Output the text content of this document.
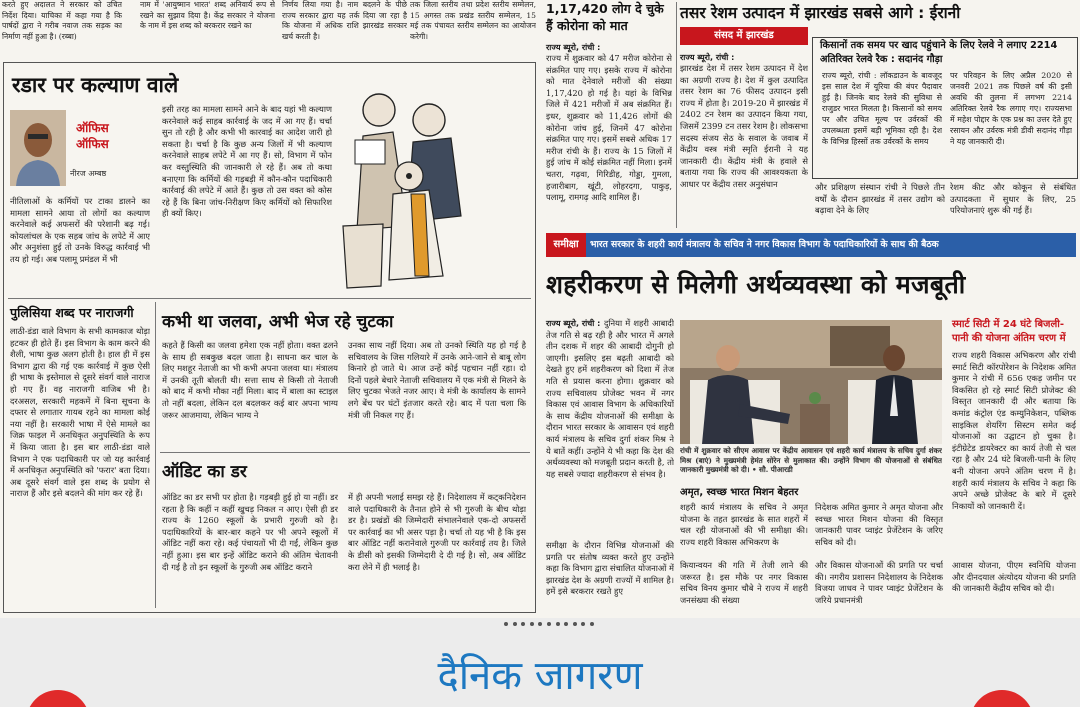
करते हुए अदालत ने सरकार को उचित निर्देश दिया। याचिका में कहा गया है कि पार्षदों द्वारा ने गरीब नवाज तक सड़क का निर्माण नहीं हुआ है। (रब्बा)
नाम में 'आयुष्मान भारत' शब्द अनिवार्य रूप से रखने का सुझाव दिया है। केंद्र सरकार ने योजना के नाम में इस शब्द को बरकरार रखने का
निर्णय लिया गया है। नाम बदलने के पीछे राज्य सरकार द्वारा यह तर्क दिया जा रहा है कि योजना में अधिक राशि झारखंड सरकार खर्च करती है।
तक जिला स्तरीय तथा प्रदेश स्तरीय सम्मेलन, 15 अगस्त तक प्रखंड स्तरीय सम्मेलन, 15 मई तक पंचायत स्तरीय सम्मेलन का आयोजन करेगी।
रडार पर कल्याण वाले
ऑफिस ऑफिस
नीरज अम्बष्ठ
नीतिलाओं के कर्मियों पर टाका डालने का मामला सामने आया तो लोगों का कल्याण करनेवाले कई अफसरों की परेशानी बढ़ गई। कोयलांचल के एक सहब जांच के लपेटे में आए और अनुशंसा हुई तो उनके विरुद्ध कार्रवाई भी तय हो गई। अब पलामू प्रमंडल में भी
इसी तरह का मामला सामने आने के बाद यहां भी कल्याण करनेवाले कई साहब कार्रवाई के जद में आ गए हैं। चर्चा सुन तो रही है और कभी भी कारवाई का आदेश जारी हो सकता है। चर्चा है कि कुछ अन्य जिलों में भी कल्याण करनेवाले साहब लपेटे में आ गए हैं। सो, विभाग में फोन कर वस्तुस्थिति की जानकारी ले रहे हैं। अब तो कथा बनाएगा कि कर्मियों की गड़बड़ी में कौन-कौन पदाधिकारी कार्रवाई की लपेटे में आते हैं। कुछ तो उस वक्त को कोस रहे हैं कि बिना जांच-निरीक्षण किए कर्मियों को सिफारिश ही क्यों किए।
पुलिसिया शब्द पर नाराजगी
लाठी-डंडा वाले विभाग के सभी कामकाज थोड़ा हटकर ही होते हैं। इस विभाग के काम करने की शैली, भाषा कुछ अलग होती है। हाल ही में इस विभाग द्वारा की गई एक कार्रवाई में कुछ ऐसी ही भाषा के इस्तेमाल से दूसरे संवर्ग वाले नाराज हो गए हैं। वह नाराजगी वाजिब भी है। दरअसल, सरकारी महकमें में बिना सूचना के दफ्तर से लगातार गायब रहने का मामला कोई नया नहीं है। सरकारी भाषा में ऐसे मामले का जिक्र फाइल में अनधिकृत अनुपस्थिति के रूप में किया जाता है। इस बार लाठी-डंडा वाले विभाग ने एक पदाधिकारी पर जो यह कार्रवाई में अनधिकृत अनुपस्थिति को 'फरार' बता दिया। अब दूसरे संवर्ग वाले इस शब्द के प्रयोग से नाराज हैं और इसे बदलने की मांग कर रहे हैं।
कभी था जलवा, अभी भेज रहे चुटका
कहते हैं किसी का जलवा हमेशा एक नहीं होता। वक्त ढलने के साथ ही सबकुछ बदल जाता है। साधना कर चाल के लिए मशहूर नेताजी का भी कभी अपना जलवा था। मंत्रालय में उनकी तूती बोलती थी। सत्ता साथ से किसी तो नेताजी को बाद में कभी मौका नहीं मिला। बाद में बाला का स्टाइल तो नहीं बदला, लेकिन दल बदलकर कई बार अपना भाग्य जरूर आजमाया, लेकिन भाग्य ने
उनका साथ नहीं दिया। अब तो उनको स्थिति यह हो गई है सचिवालय के जिस गलियारे में उनके आने-जाने से बाबू लोग किनारे हो जाते थे। आज उन्हें कोई पहचान नहीं रहा। दो दिनों पहले बेचारे नेताजी सचिवालय में एक मंत्री से मिलने के लिए चुटका भेजते नजर आए। वे मंत्री के कार्यालय के सामने लगे बेंच पर घंटों इंतजार करते रहे। बाद में पता चला कि मंत्री जी निकल गए हैं।
ऑडिट का डर
ऑडिट का डर सभी पर होता है। गड़बड़ी हुई हो या नहीं। डर रहता है कि कहीं न कहीं खुचड़ निकल न आए। ऐसी ही डर राज्य के 1260 स्कूलों के प्रभारी गुरुजी को है। पदाधिकारियों के बार-बार कहने पर भी अपने स्कूलों में ऑडिट नहीं करा रहे। कई पंचायतों भी दी गईं, लेकिन कुछ नहीं हुआ। इस बार इन्हें ऑडिट कराने की अंतिम चेतावनी दी गई है तो इन स्कूलों के गुरुजी अब ऑडिट कराने
में ही अपनी भलाई समझ रहे हैं। निदेशालय में कट्कनिदेशन वाले पदाधिकारी के तैनात होने से भी गुरुजी के बीच थोड़ा डर है। प्रखंडों की जिम्मेदारी संभालनेवाले एक-दो अफसरों पर कार्रवाई का भी असर पड़ा है। चर्चा तो यह भी है कि इस बार ऑडिट नहीं करानेवाले गुरुजी पर कार्रवाई तय है। जिले के डीसी को इसकी जिम्मेदारी दे दी गई है। सो, अब ऑडिट करा लेने में ही भलाई है।
1,17,420 लोग दे चुके हैं कोरोना को मात
राज्य ब्यूरो, रांची :
राज्य में शुक्रवार को 47 मरीज कोरोना से संक्रमित पाए गए। इसके राज्य में कोरोना को मात देनेवाले मरीजों की संख्या 1,17,420 हो गई है। यहां के विभिन्न जिले में 421 मरीजों में अब संक्रमित हैं। इधर, शुक्रवार को 11,426 लोगों की कोरोना जांच हुई, जिनमें 47 कोरोना संक्रमित पाए गए। इसमें सबसे अधिक 17 मरीज रांची के हैं। राज्य के 15 जिलों में हुई जांच में कोई संक्रमित नहीं मिला। इनमें चतरा, गढ़वा, गिरिडीह, गोड्डा, गुमला, हजारीबाग, खूंटी, लोहरदगा, पाकुड़, पलामू, रामगढ़ आदि शामिल हैं।
तसर रेशम उत्पादन में झारखंड सबसे आगे : ईरानी
संसद में झारखंड
राज्य ब्यूरो, रांची :
झारखंड देश में तसर रेशम उत्पादन में देश का अग्रणी राज्य है। देश में कुल उत्पादित तसर रेशम का 76 फीसद उत्पादन इसी राज्य में होता है। 2019-20 में झारखंड में 2402 टन रेशम का उत्पादन किया गया, जिसमें 2399 टन तसर रेशम है। लोकसभा सदस्य संजय सेठ के सवाल के जवाब में केंद्रीय वस्त्र मंत्री स्मृति ईरानी ने यह जानकारी दी। केंद्रीय मंत्री के हवाले से बताया गया कि राज्य की आवश्यकता के आधार पर केंद्रीय तसर अनुसंधान	और प्रशिक्षण संस्थान रांची ने पिछले तीन वर्षों के दौरान झारखंड में तसर उद्योग को बढ़ावा देने के लिए
किसानों तक समय पर खाद पहुंचाने के लिए रेलवे ने लगाए 2214 अतिरिक्त रेलवे रैक : सदानंद गौड़ा
राज्य ब्यूरो, रांची : लॉकडाउन के बावजूद इस साल देश में यूरिया की बंपर पैदावार हुई है। जिनके बाद रेलवे की सुविधा से राजुडर भारत मिलता है। किसानों को समय पर और उचित मूल्य पर उर्वरकों की उपलब्धता इसमें बड़ी भूमिका रही है। देश के विभिन्न हिस्सों तक उर्वरकों के समय
पर परिवहन के लिए अप्रैल 2020 से जनवरी 2021 तक पिछले वर्ष की इसी अवधि की तुलना में लगभग 2214 अतिरिक्त रेलवे रैक लगाए गए। राज्यसभा में महेश पोद्दार के एक प्रश्न का उत्तर देते हुए रसायन और उर्वरक मंत्री डीवी सदानंद गौड़ा ने यह जानकारी दी।
रेशम कीट और कोकून से संबंधित उत्पादकता में सुधार के लिए, 25 परियोजनाएं शुरू की गई हैं।
समीक्षा	भारत सरकार के शहरी कार्य मंत्रालय के सचिव ने नगर विकास विभाग के पदाधिकारियों के साथ की बैठक
शहरीकरण से मिलेगी अर्थव्यवस्था को मजबूती
राज्य ब्यूरो, रांची : दुनिया में शहरी आबादी तेज गति से बढ़ रही है और भारत में अगले तीन दशक में शहर की आबादी दोगुनी हो जाएगी। इसलिए इस बढ़ती आबादी को देखते हुए हमें शहरीकरण को दिशा में तेज गति से प्रयास करना होगा। शुक्रवार को राज्य सचिवालय प्रोजेक्ट भवन में नगर विकास एवं आवास विभाग के अधिकारियों के साथ केंद्रीय योजनाओं की समीक्षा के दौरान भारत सरकार के आवासन एवं शहरी कार्य मंत्रालय के सचिव दुर्गा शंकर मिश्र ने ये बातें कहीं। उन्होंने ये भी कहा कि देश की अर्थव्यवस्था को मजबूती प्रदान करती है, तो यह सबसे ज्यादा शहरीकरण से संभव है।
समीक्षा के दौरान विभिन्न योजनाओं की प्रगति पर संतोष व्यक्त करते हुए उन्होंने कहा कि विभाग द्वारा संचालित योजनाओं में झारखंड देश के अग्रणी राज्यों में शामिल है। हमें इसे बरकरार रखते हुए
रांची में शुक्रवार को सीएम आवास पर केंद्रीय आवासन एवं शहरी कार्य मंत्रालय के सचिव दुर्गा शंकर मिश्र (बाएं) ने मुख्यमंत्री हेमंत सोरेन से मुलाकात की। उन्होंने विभाग की योजनाओं से संबंधित जानकारी मुख्यमंत्री को दी। • सौ. पीआरडी
अमृत, स्वच्छ भारत मिशन बेहतर
शहरी कार्य मंत्रालय के सचिव ने अमृत योजना के तहत झारखंड के सात शहरों में चल रही योजनाओं की भी समीक्षा की। राज्य शहरी विकास अभिकरण के
निदेशक अमित कुमार ने अमृत योजना और स्वच्छ भारत मिशन योजना की विस्तृत जानकारी पावर प्वाइंट प्रेजेंटेशन के जरिए सचिव को दी।
कियान्वयन की गति में तेजी लाने की जरूरत है। इस मौके पर नगर विकास सचिव विनय कुमार चौबे ने राज्य में शहरी जनसंख्या की संख्या
और विकास योजनाओं की प्रगति पर चर्चा की। नगरीय प्रशासन निदेशालय के निदेशक विजया जाधव ने पावर प्वाइंट प्रेजेंटेशन के जरिये प्रधानमंत्री
स्मार्ट सिटी में 24 घंटे बिजली-पानी की योजना अंतिम चरण में
राज्य शहरी विकास अभिकरण और रांची स्मार्ट सिटी कॉरपोरेशन के निदेशक अमित कुमार ने रांची में 656 एकड़ जमीन पर विकसित हो रहे स्मार्ट सिटी प्रोजेक्ट की विस्तृत जानकारी दी और बताया कि कमांड कंट्रोल एंड कम्युनिकेशन, पब्लिक साइकिल शेयरिंग सिस्टम समेत कई योजनाओं का उद्घाटन हो चुका है। इंटीग्रेटेड डायरेक्टर का कार्य तेजी से चल रहा है और 24 घंटे बिजली-पानी के लिए बनी योजना अपने अंतिम चरण में है। शहरी कार्य मंत्रालय के सचिव ने कहा कि अपने अच्छे प्रोजेक्ट के बारे में दूसरे निकायों को जानकारी दें।
आवास योजना, पीएम स्वनिधि योजना और दीनदयाल अंत्योदय योजना की प्रगति की जानकारी केंद्रीय सचिव को दी।
दैनिक जागरण
